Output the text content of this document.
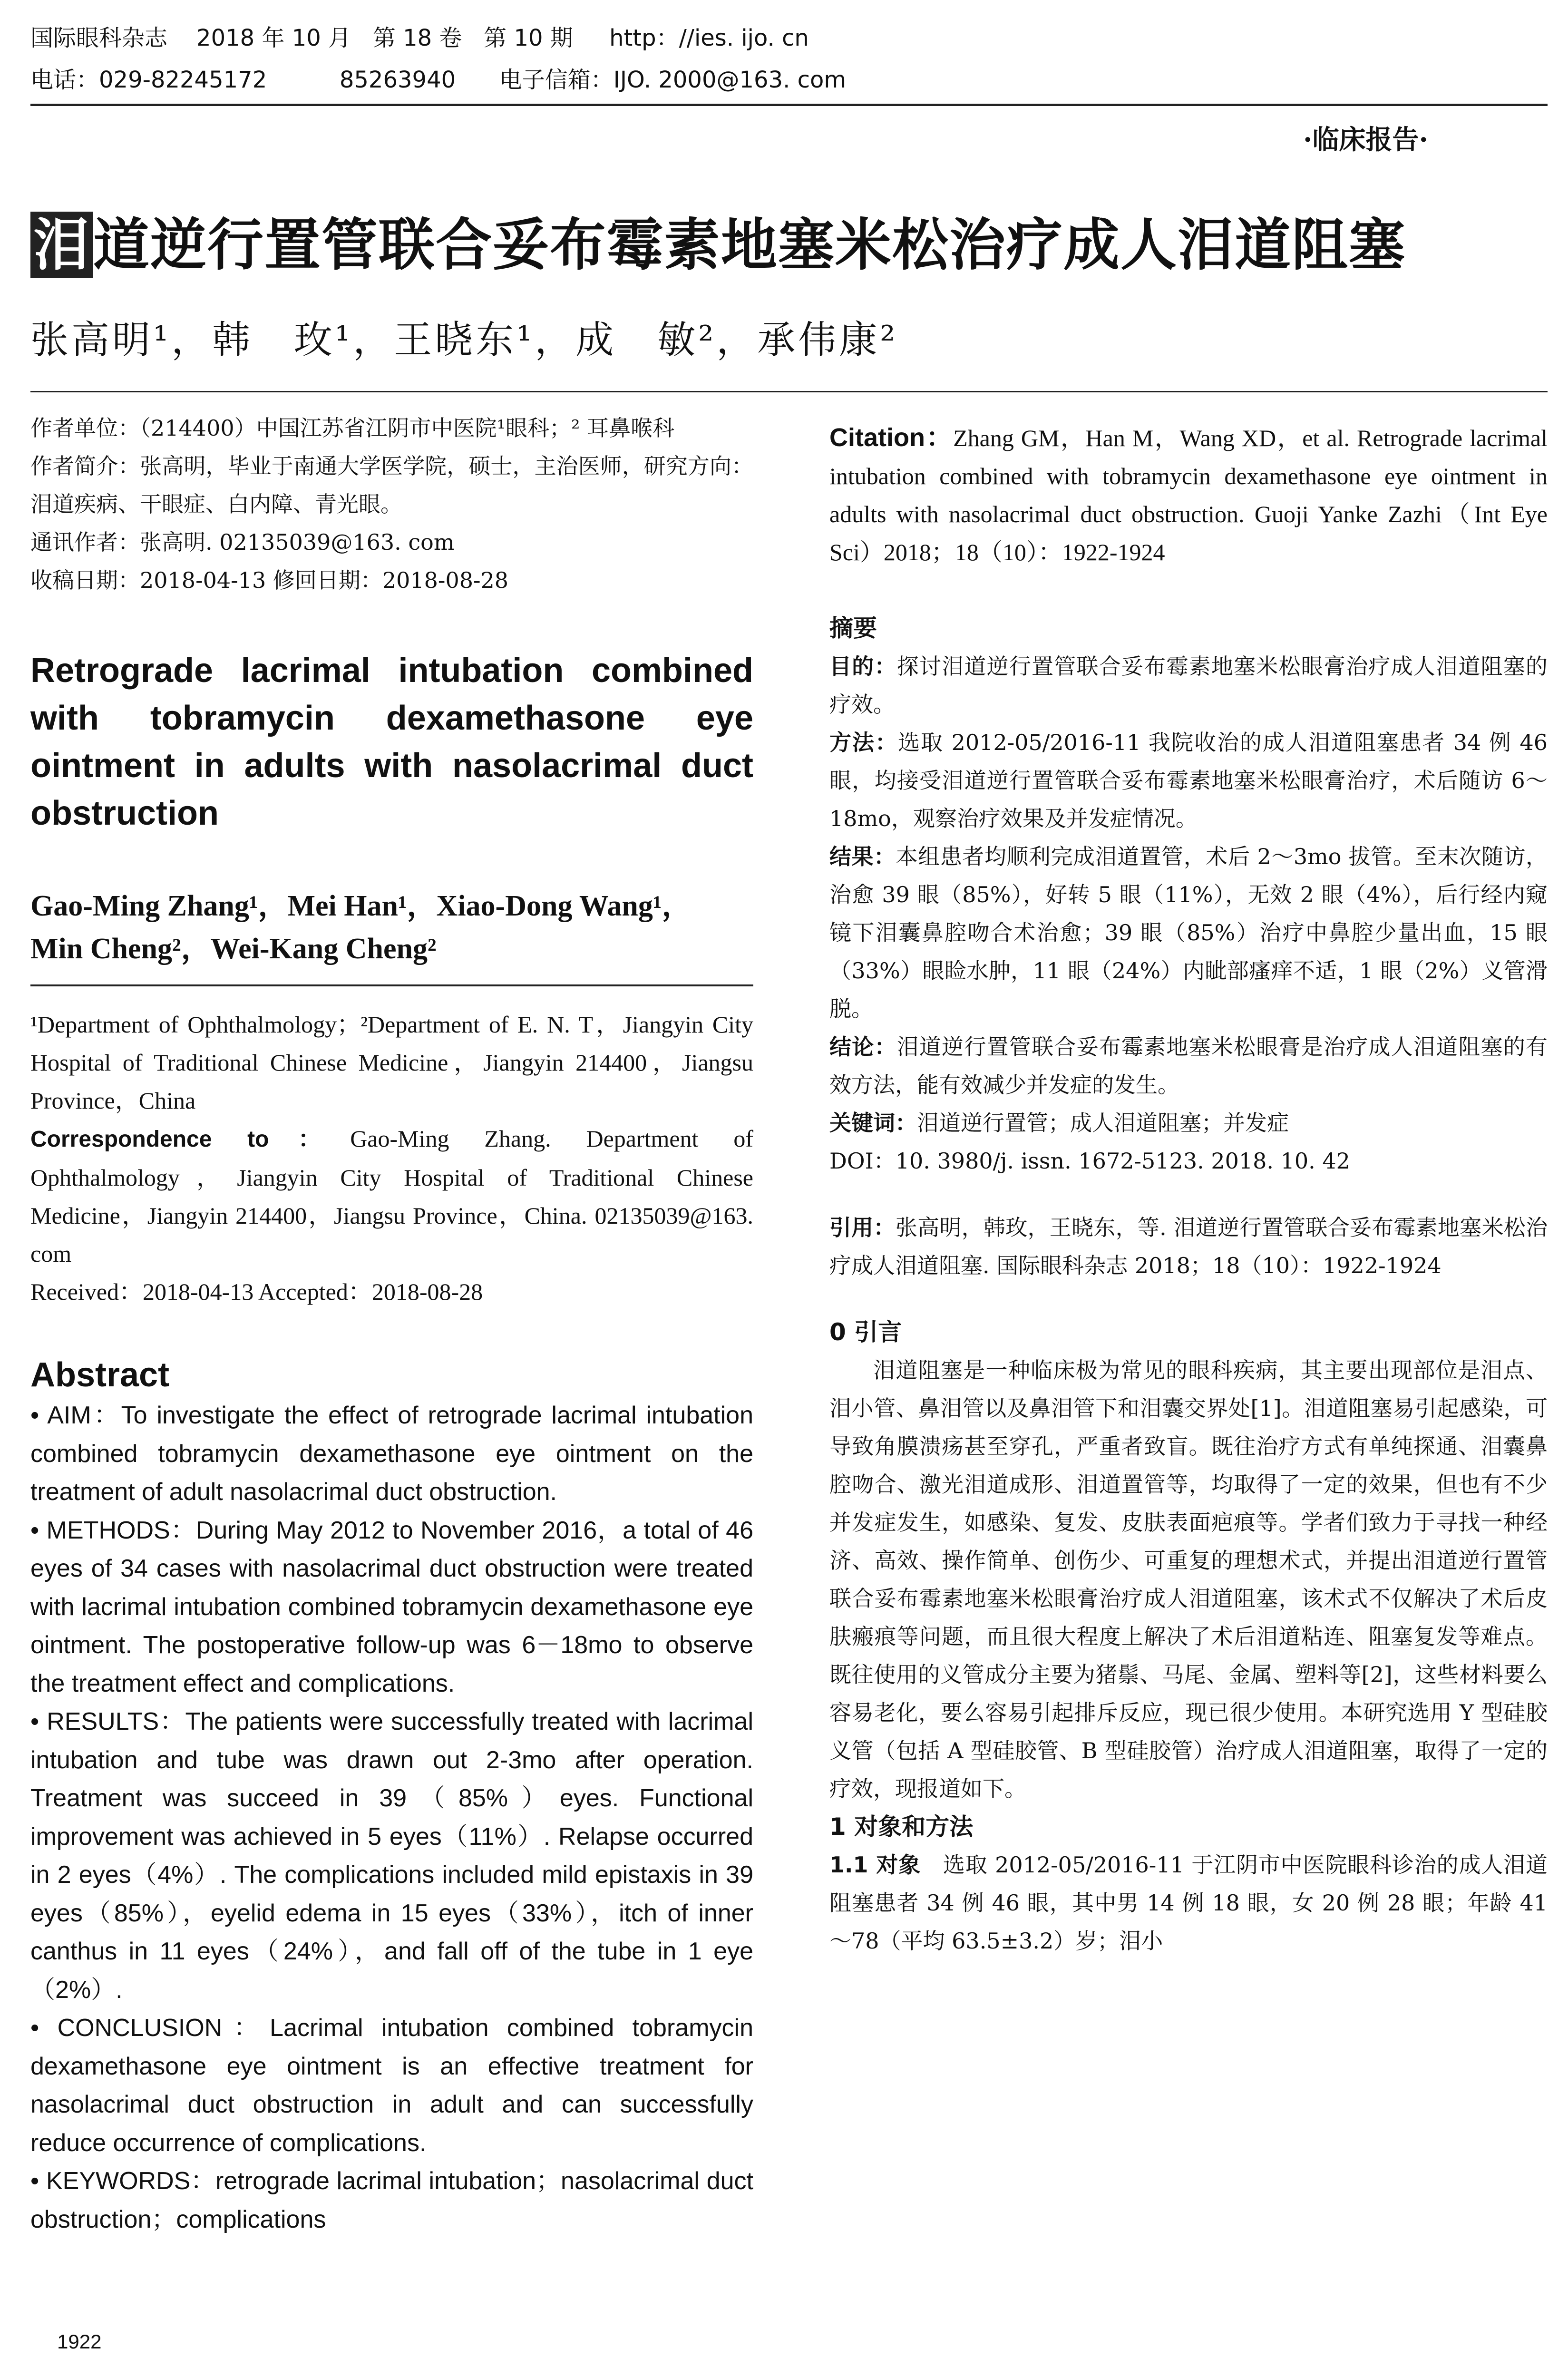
国际眼科杂志    2018 年 10 月   第 18 卷   第 10 期     http：//ies. ijo. cn
电话：029-82245172          85263940      电子信箱：IJO. 2000@163. com
·临床报告·
泪道逆行置管联合妥布霉素地塞米松治疗成人泪道阻塞
张高明¹，韩　玫¹，王晓东¹，成　敏²，承伟康²

作者单位：（214400）中国江苏省江阴市中医院¹眼科；² 耳鼻喉科

作者简介：张高明，毕业于南通大学医学院，硕士，主治医师，研究方向：泪道疾病、干眼症、白内障、青光眼。

通讯作者：张高明. 02135039@163. com

收稿日期：2018-04-13 修回日期：2018-08-28

Retrograde lacrimal intubation combined with tobramycin dexamethasone eye ointment in adults with nasolacrimal duct obstruction

Gao-Ming Zhang¹，Mei Han¹，Xiao-Dong Wang¹，

Min Cheng²，Wei-Kang Cheng²

¹Department of Ophthalmology；²Department of E. N. T，Jiangyin City Hospital of Traditional Chinese Medicine，Jiangyin 214400，Jiangsu Province，China

Correspondence to：Gao-Ming Zhang. Department of Ophthalmology，Jiangyin City Hospital of Traditional Chinese Medicine，Jiangyin 214400，Jiangsu Province，China. 02135039@163. com

Received：2018-04-13 Accepted：2018-08-28

Abstract

• AIM：To investigate the effect of retrograde lacrimal intubation combined tobramycin dexamethasone eye ointment on the treatment of adult nasolacrimal duct obstruction.

• METHODS：During May 2012 to November 2016，a total of 46 eyes of 34 cases with nasolacrimal duct obstruction were treated with lacrimal intubation combined tobramycin dexamethasone eye ointment. The postoperative follow-up was 6－18mo to observe the treatment effect and complications.

• RESULTS：The patients were successfully treated with lacrimal intubation and tube was drawn out 2-3mo after operation. Treatment was succeed in 39（85%）eyes. Functional improvement was achieved in 5 eyes（11%）. Relapse occurred in 2 eyes（4%）. The complications included mild epistaxis in 39 eyes（85%），eyelid edema in 15 eyes（33%），itch of inner canthus in 11 eyes（24%），and fall off of the tube in 1 eye（2%）.

• CONCLUSION：Lacrimal intubation combined tobramycin dexamethasone eye ointment is an effective treatment for nasolacrimal duct obstruction in adult and can successfully reduce occurrence of complications.

• KEYWORDS：retrograde lacrimal intubation；nasolacrimal duct obstruction；complications

Citation：Zhang GM，Han M，Wang XD，et al. Retrograde lacrimal intubation combined with tobramycin dexamethasone eye ointment in adults with nasolacrimal duct obstruction. Guoji Yanke Zazhi（Int Eye Sci）2018；18（10）：1922-1924

摘要

目的：探讨泪道逆行置管联合妥布霉素地塞米松眼膏治疗成人泪道阻塞的疗效。

方法：选取 2012-05/2016-11 我院收治的成人泪道阻塞患者 34 例 46 眼，均接受泪道逆行置管联合妥布霉素地塞米松眼膏治疗，术后随访 6～18mo，观察治疗效果及并发症情况。

结果：本组患者均顺利完成泪道置管，术后 2～3mo 拔管。至末次随访，治愈 39 眼（85%），好转 5 眼（11%），无效 2 眼（4%），后行经内窥镜下泪囊鼻腔吻合术治愈；39 眼（85%）治疗中鼻腔少量出血，15 眼（33%）眼睑水肿，11 眼（24%）内眦部瘙痒不适，1 眼（2%）义管滑脱。

结论：泪道逆行置管联合妥布霉素地塞米松眼膏是治疗成人泪道阻塞的有效方法，能有效减少并发症的发生。

关键词：泪道逆行置管；成人泪道阻塞；并发症

DOI：10. 3980/j. issn. 1672-5123. 2018. 10. 42

引用：张高明，韩玫，王晓东，等. 泪道逆行置管联合妥布霉素地塞米松治疗成人泪道阻塞. 国际眼科杂志 2018；18（10）：1922-1924

0 引言

泪道阻塞是一种临床极为常见的眼科疾病，其主要出现部位是泪点、泪小管、鼻泪管以及鼻泪管下和泪囊交界处[1]。泪道阻塞易引起感染，可导致角膜溃疡甚至穿孔，严重者致盲。既往治疗方式有单纯探通、泪囊鼻腔吻合、激光泪道成形、泪道置管等，均取得了一定的效果，但也有不少并发症发生，如感染、复发、皮肤表面疤痕等。学者们致力于寻找一种经济、高效、操作简单、创伤少、可重复的理想术式，并提出泪道逆行置管联合妥布霉素地塞米松眼膏治疗成人泪道阻塞，该术式不仅解决了术后皮肤瘢痕等问题，而且很大程度上解决了术后泪道粘连、阻塞复发等难点。既往使用的义管成分主要为猪鬃、马尾、金属、塑料等[2]，这些材料要么容易老化，要么容易引起排斥反应，现已很少使用。本研究选用 Y 型硅胶义管（包括 A 型硅胶管、B 型硅胶管）治疗成人泪道阻塞，取得了一定的疗效，现报道如下。

1 对象和方法

1.1 对象　 选取 2012-05/2016-11 于江阴市中医院眼科诊治的成人泪道阻塞患者 34 例 46 眼，其中男 14 例 18 眼，女 20 例 28 眼；年龄 41～78（平均 63.5±3.2）岁；泪小

1922
